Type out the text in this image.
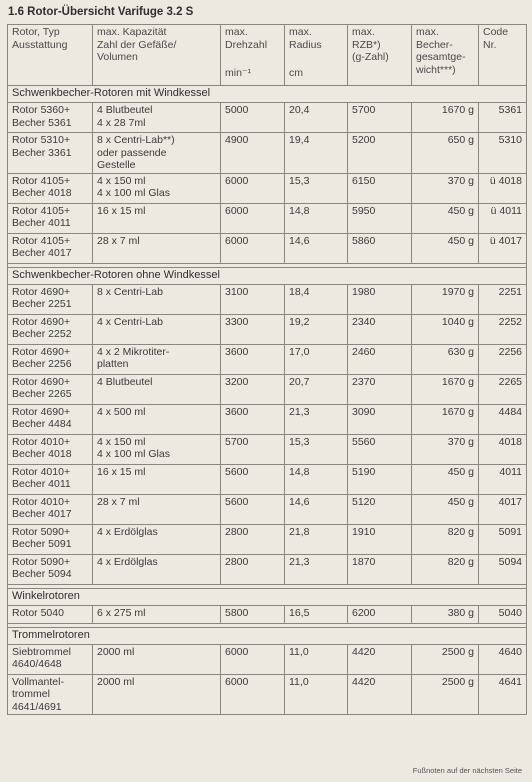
1.6 Rotor-Übersicht Varifuge 3.2 S
Rotor, Typ
Ausstattung	max. Kapazität
Zahl der Gefäße/
Volumen	max.
Drehzahl
min⁻¹	max.
Radius
cm	max.
RZB*)
(g-Zahl)	max.
Becher-
gesamtge-
wicht***)	Code
Nr.

Schwenkbecher-Rotoren mit Windkessel						

Rotor 5360+
Becher 5361	4 Blutbeutel
4 x 28 7ml	5000	20,4	5700	1670 g	5361

Rotor 5310+
Becher 3361	8 x Centri-Lab**)
oder passende
Gestelle	4900	19,4	5200	650 g	5310

Rotor 4105+
Becher 4018	4 x 150 ml
4 x 100 ml Glas	6000	15,3	6150	370 g	ü 4018

Rotor 4105+
Becher 4011	16 x 15 ml	6000	14,8	5950	450 g	ü 4011

Rotor 4105+
Becher 4017	28 x 7 ml	6000	14,6	5860	450 g	ü 4017

Schwenkbecher-Rotoren ohne Windkessel						

Rotor 4690+
Becher 2251	8 x Centri-Lab	3100	18,4	1980	1970 g	2251

Rotor 4690+
Becher 2252	4 x Centri-Lab	3300	19,2	2340	1040 g	2252

Rotor 4690+
Becher 2256	4 x 2 Mikrotiter-
platten	3600	17,0	2460	630 g	2256

Rotor 4690+
Becher 2265	4 Blutbeutel	3200	20,7	2370	1670 g	2265

Rotor 4690+
Becher 4484	4 x 500 ml	3600	21,3	3090	1670 g	4484

Rotor 4010+
Becher 4018	4 x 150 ml
4 x 100 ml Glas	5700	15,3	5560	370 g	4018

Rotor 4010+
Becher 4011	16 x 15 ml	5600	14,8	5190	450 g	4011

Rotor 4010+
Becher 4017	28 x 7 ml	5600	14,6	5120	450 g	4017

Rotor 5090+
Becher 5091	4 x Erdölglas	2800	21,8	1910	820 g	5091

Rotor 5090+
Becher 5094	4 x Erdölglas	2800	21,3	1870	820 g	5094

Winkelrotoren						

Rotor 5040	6 x 275 ml	5800	16,5	6200	380 g	5040

Trommelrotoren						

Siebtrommel
4640/4648	2000 ml	6000	11,0	4420	2500 g	4640

Vollmantel-
trommel
4641/4691	2000 ml	6000	11,0	4420	2500 g	4641
Fußnoten auf der nächsten Seite
